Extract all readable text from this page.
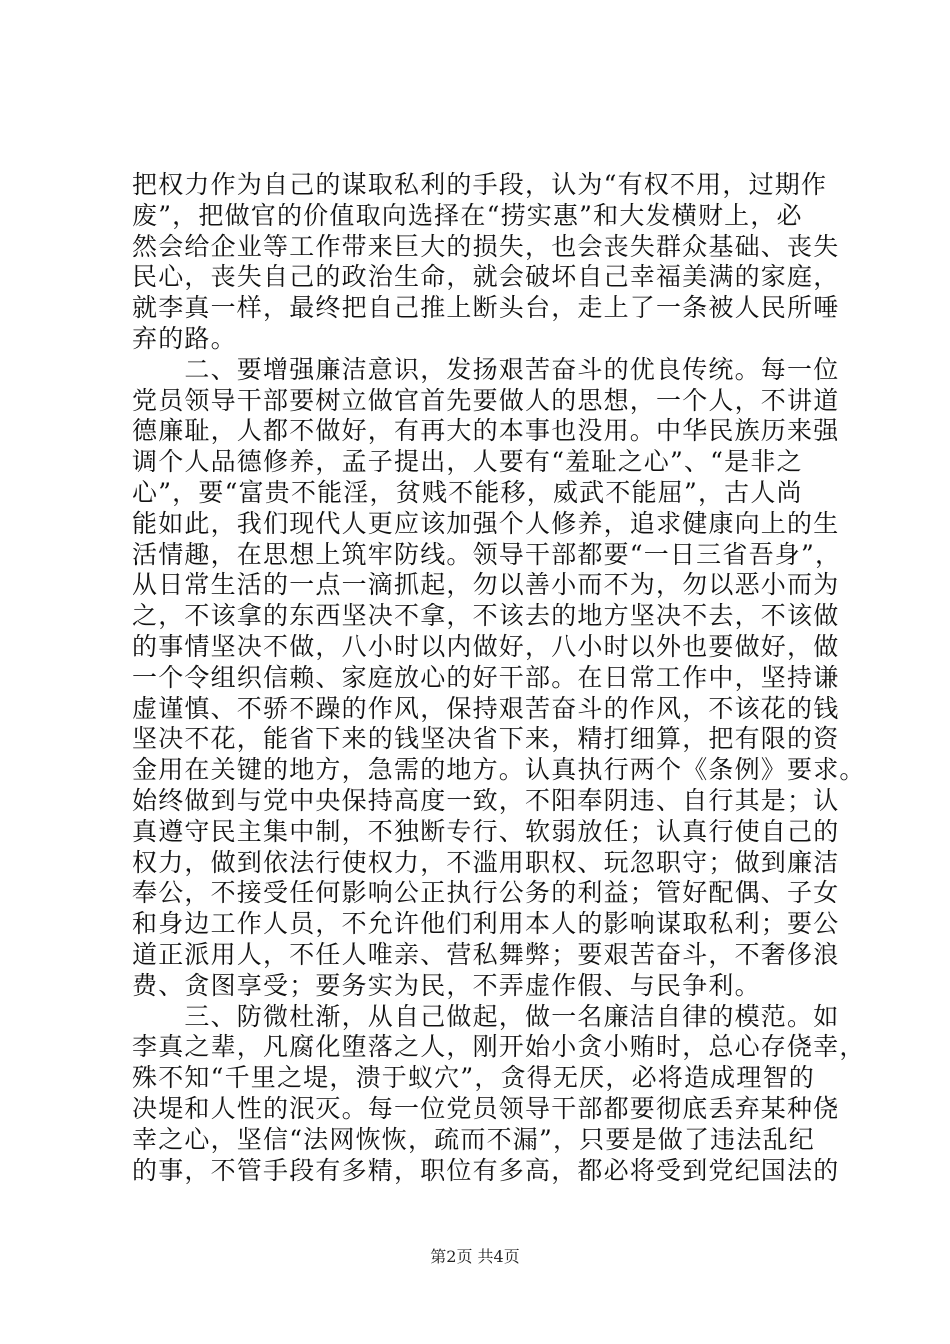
把权力作为自己的谋取私利的手段，认为“有权不用，过期作
废”，把做官的价值取向选择在“捞实惠”和大发横财上，必
然会给企业等工作带来巨大的损失，也会丧失群众基础、丧失
民心，丧失自己的政治生命，就会破坏自己幸福美满的家庭，
就李真一样，最终把自己推上断头台，走上了一条被人民所唾
弃的路。
　　二、要增强廉洁意识，发扬艰苦奋斗的优良传统。每一位
党员领导干部要树立做官首先要做人的思想，一个人，不讲道
德廉耻，人都不做好，有再大的本事也没用。中华民族历来强
调个人品德修养，孟子提出，人要有“羞耻之心”、“是非之
心”，要“富贵不能淫，贫贱不能移，威武不能屈”，古人尚
能如此，我们现代人更应该加强个人修养，追求健康向上的生
活情趣，在思想上筑牢防线。领导干部都要“一日三省吾身”，
从日常生活的一点一滴抓起，勿以善小而不为，勿以恶小而为
之，不该拿的东西坚决不拿，不该去的地方坚决不去，不该做
的事情坚决不做，八小时以内做好，八小时以外也要做好，做
一个令组织信赖、家庭放心的好干部。在日常工作中，坚持谦
虚谨慎、不骄不躁的作风，保持艰苦奋斗的作风，不该花的钱
坚决不花，能省下来的钱坚决省下来，精打细算，把有限的资
金用在关键的地方，急需的地方。认真执行两个《条例》要求。
始终做到与党中央保持高度一致，不阳奉阴违、自行其是；认
真遵守民主集中制，不独断专行、软弱放任；认真行使自己的
权力，做到依法行使权力，不滥用职权、玩忽职守；做到廉洁
奉公，不接受任何影响公正执行公务的利益；管好配偶、子女
和身边工作人员，不允许他们利用本人的影响谋取私利；要公
道正派用人，不任人唯亲、营私舞弊；要艰苦奋斗，不奢侈浪
费、贪图享受；要务实为民，不弄虚作假、与民争利。
　　三、防微杜渐，从自己做起，做一名廉洁自律的模范。如
李真之辈，凡腐化堕落之人，刚开始小贪小贿时，总心存侥幸，
殊不知“千里之堤，溃于蚁穴”，贪得无厌，必将造成理智的
决堤和人性的泯灭。每一位党员领导干部都要彻底丢弃某种侥
幸之心，坚信“法网恢恢，疏而不漏”，只要是做了违法乱纪
的事，不管手段有多精，职位有多高，都必将受到党纪国法的
第2页 共4页
